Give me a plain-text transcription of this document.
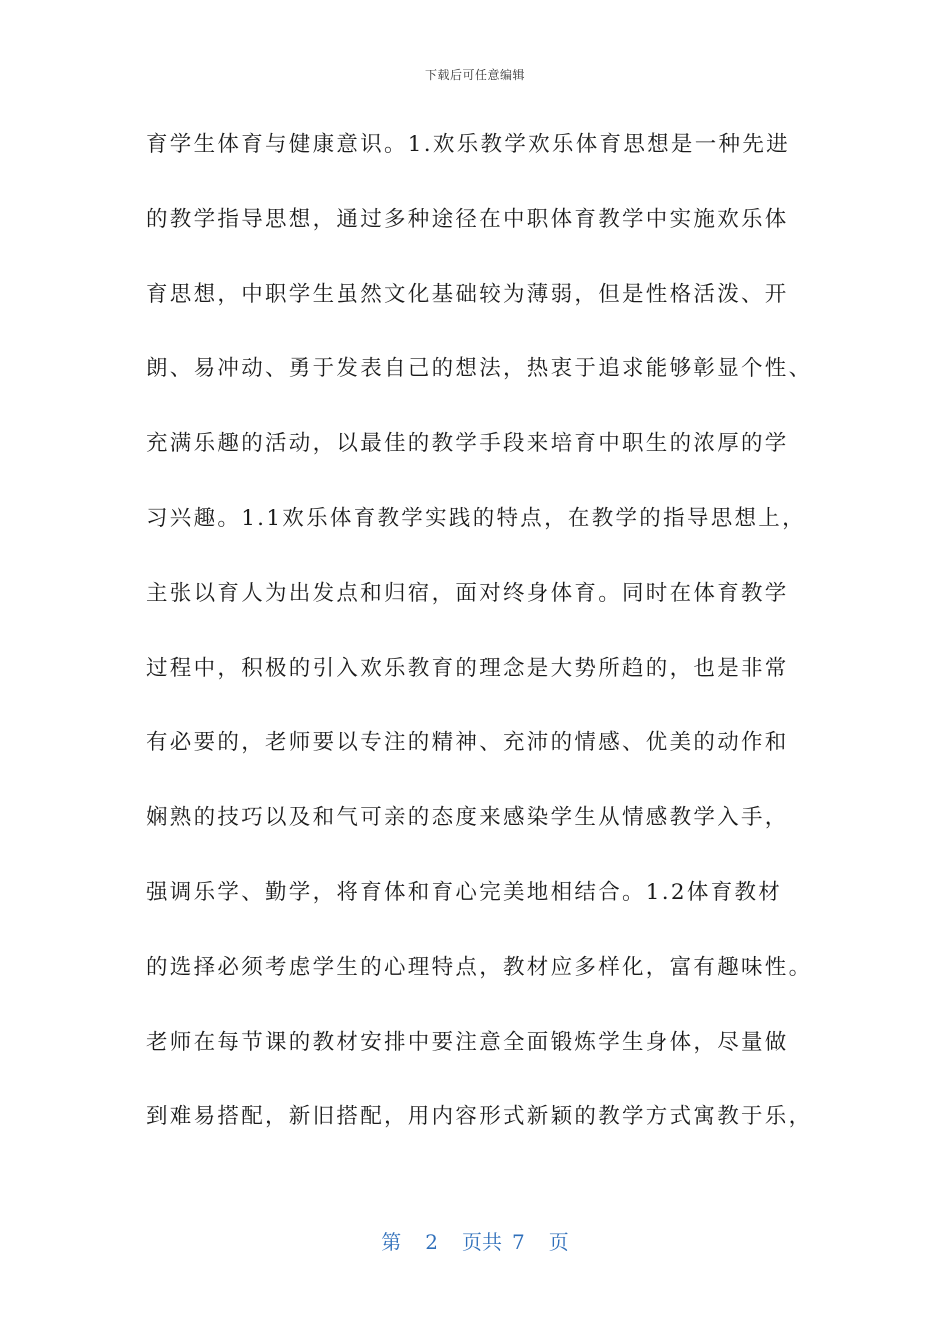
下载后可任意编辑
育学生体育与健康意识。1.欢乐教学欢乐体育思想是一种先进
的教学指导思想，通过多种途径在中职体育教学中实施欢乐体
育思想，中职学生虽然文化基础较为薄弱，但是性格活泼、开
朗、易冲动、勇于发表自己的想法，热衷于追求能够彰显个性、
充满乐趣的活动，以最佳的教学手段来培育中职生的浓厚的学
习兴趣。1.1欢乐体育教学实践的特点，在教学的指导思想上，
主张以育人为出发点和归宿，面对终身体育。同时在体育教学
过程中，积极的引入欢乐教育的理念是大势所趋的，也是非常
有必要的，老师要以专注的精神、充沛的情感、优美的动作和
娴熟的技巧以及和气可亲的态度来感染学生从情感教学入手，
强调乐学、勤学，将育体和育心完美地相结合。1.2体育教材
的选择必须考虑学生的心理特点，教材应多样化，富有趣味性。
老师在每节课的教材安排中要注意全面锻炼学生身体，尽量做
到难易搭配，新旧搭配，用内容形式新颖的教学方式寓教于乐，
第 2 页共 7 页
